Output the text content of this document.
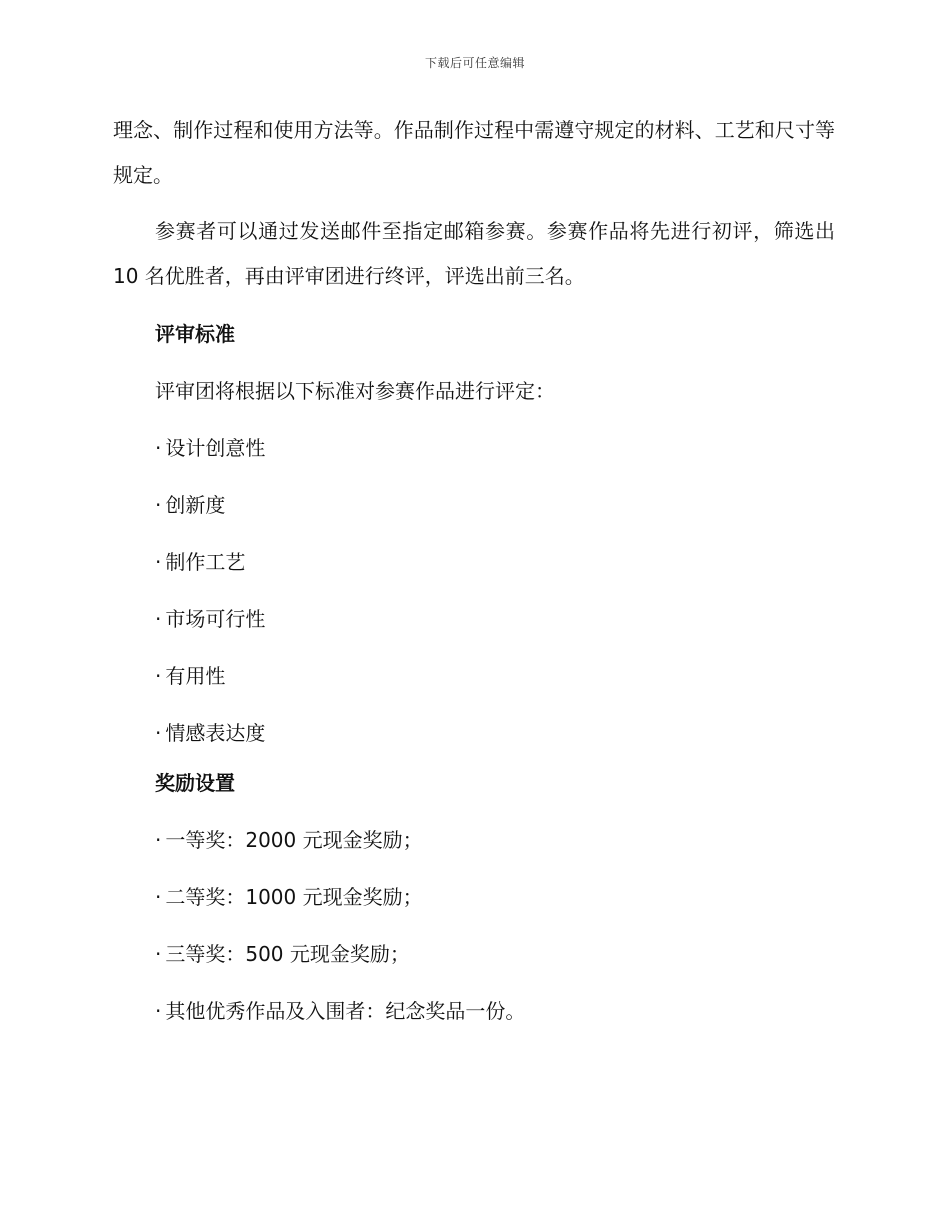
下载后可任意编辑

理念、制作过程和使用方法等。作品制作过程中需遵守规定的材料、工艺和尺寸等规定。

参赛者可以通过发送邮件至指定邮箱参赛。参赛作品将先进行初评，筛选出 10 名优胜者，再由评审团进行终评，评选出前三名。

评审标准
评审团将根据以下标准对参赛作品进行评定：
· 设计创意性
· 创新度
· 制作工艺
· 市场可行性
· 有用性
· 情感表达度
奖励设置
· 一等奖：2000 元现金奖励；
· 二等奖：1000 元现金奖励；
· 三等奖：500 元现金奖励；
· 其他优秀作品及入围者：纪念奖品一份。
